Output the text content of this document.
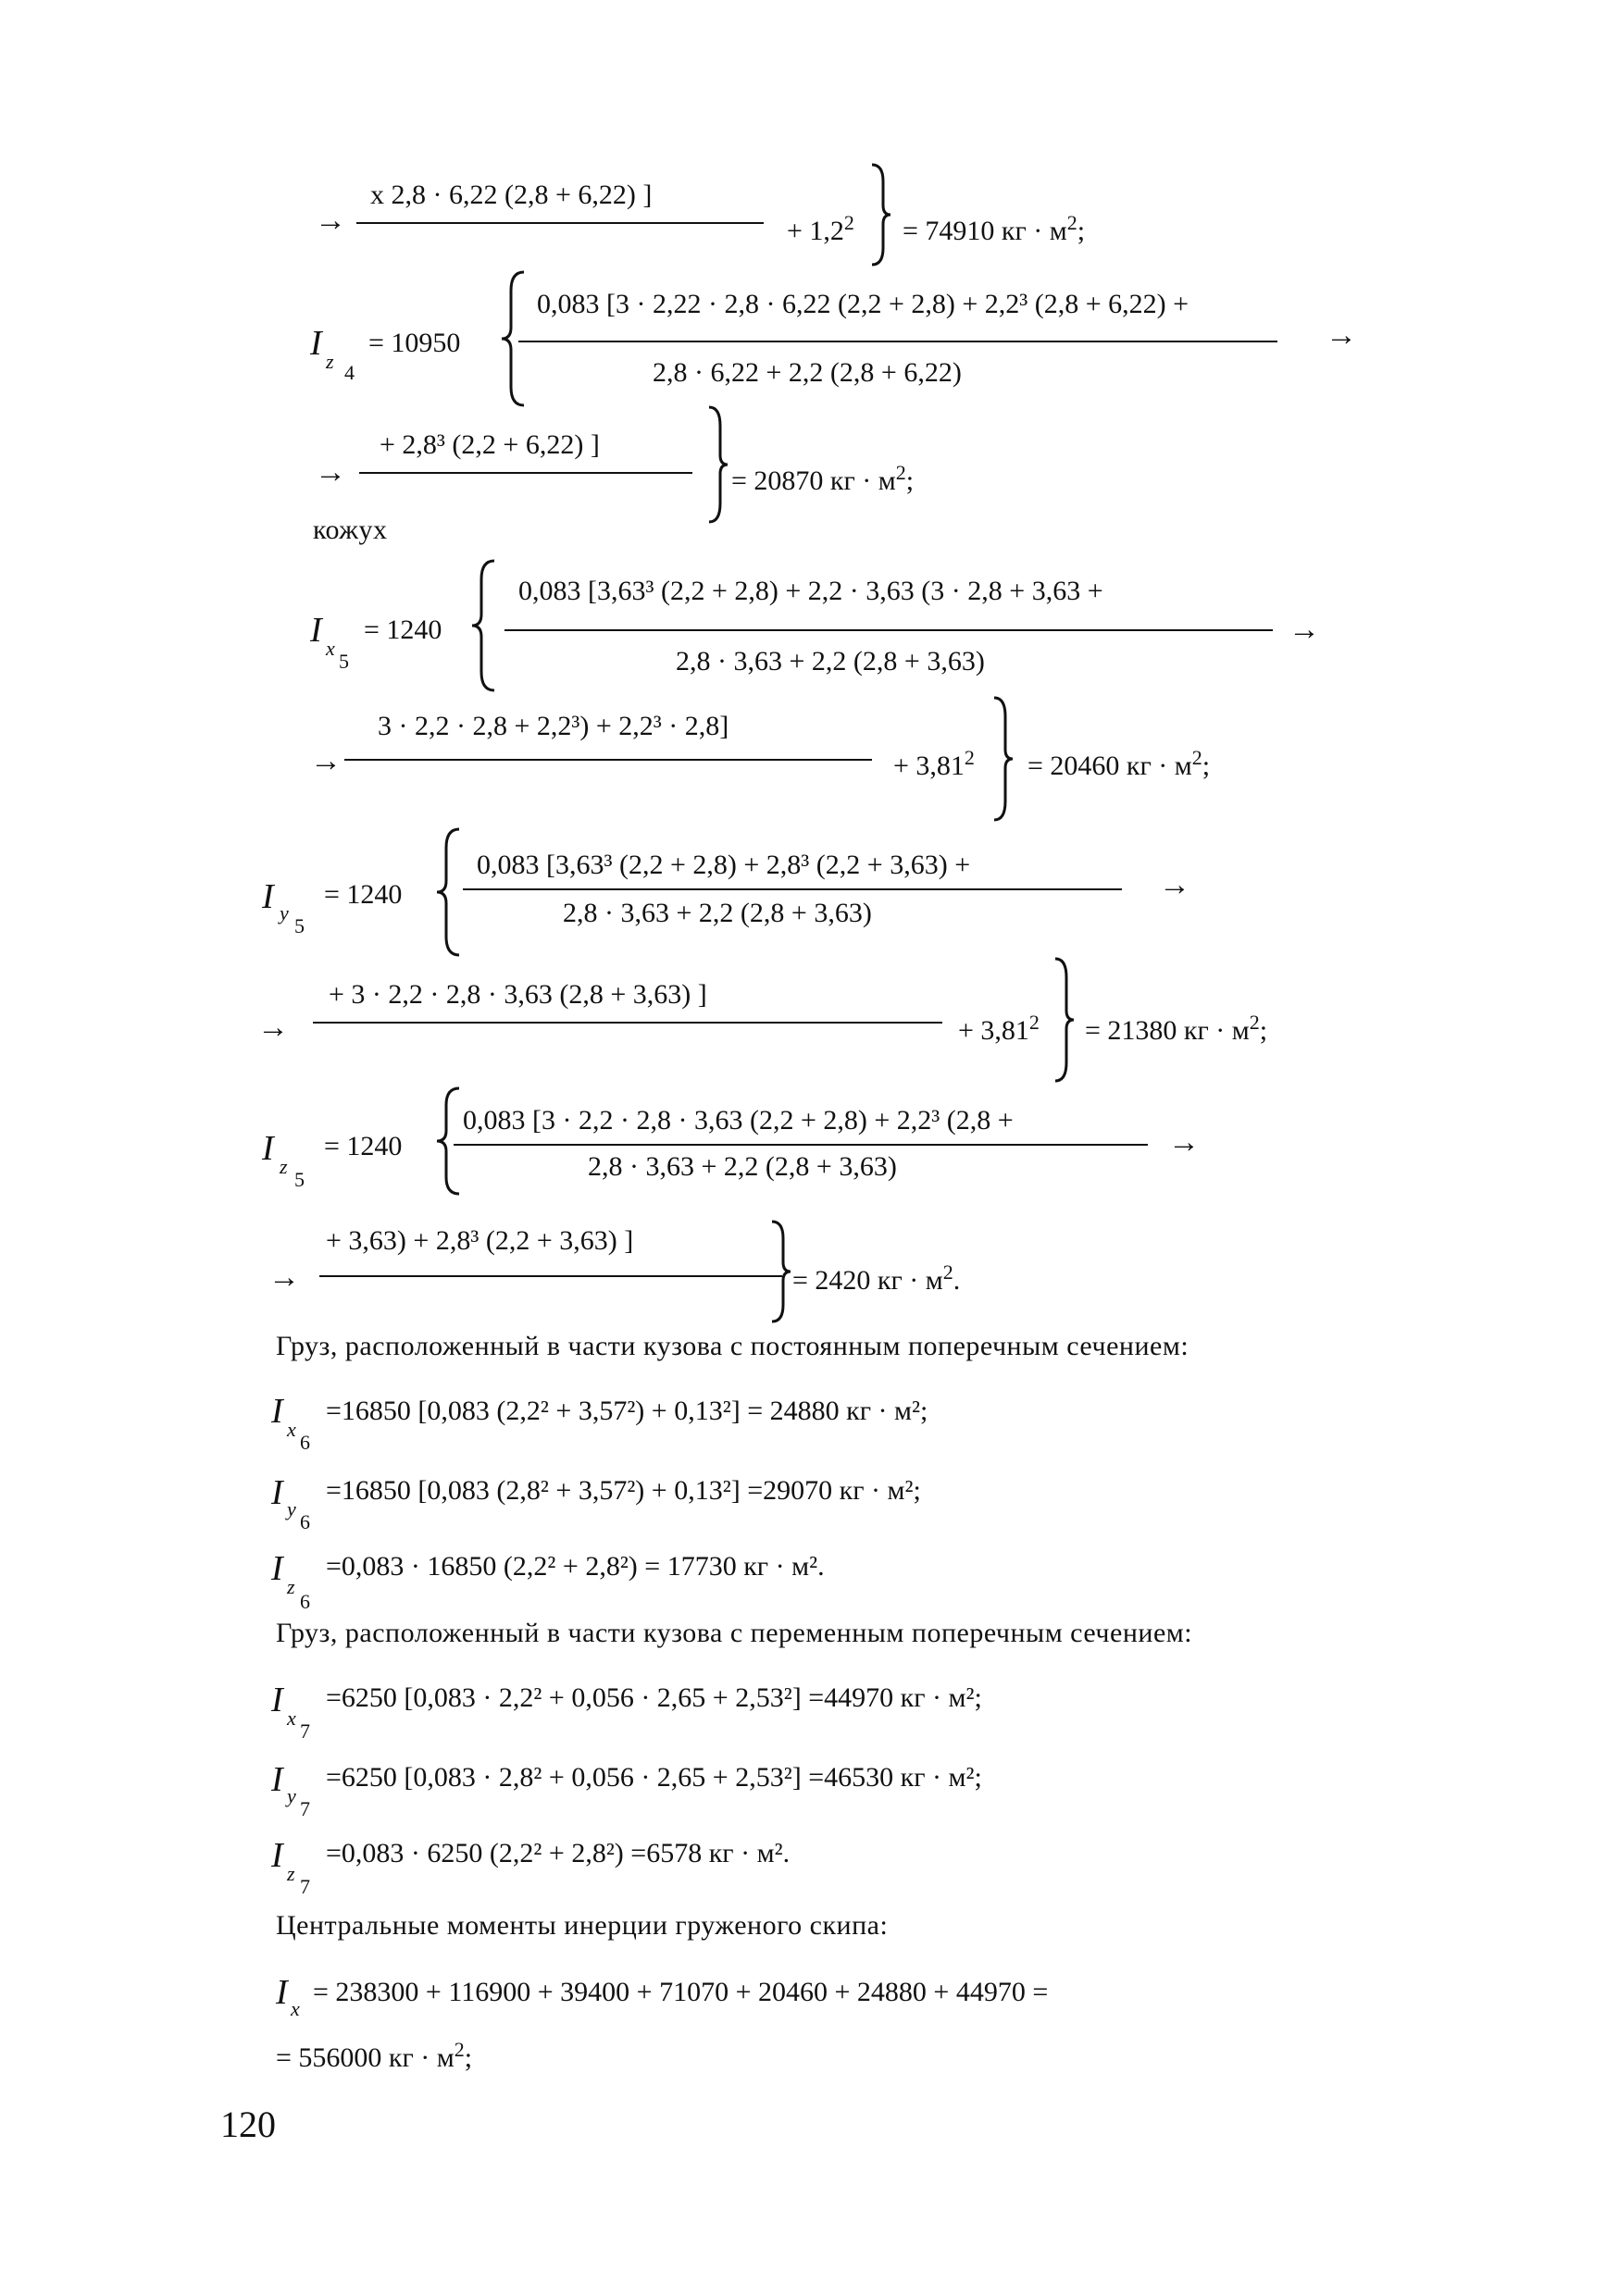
→
x 2,8 · 6,22 (2,8 + 6,22) ]
+ $1,2^2 = 74910$ кг · $м^2$;
I z 4
= 10950
0,083 [3 · 2,22 · 2,8 · 6,22 (2,2 + 2,8) + 2,2³ (2,8 + 6,22) +
2,8 · 6,22 + 2,2 (2,8 + 6,22)
→
→
+ 2,8³ (2,2 + 6,22) ]
= 20870 кг · $м^2$;
кожух
I x
5
= 1240
0,083 [3,63³ (2,2 + 2,8) + 2,2 · 3,63 (3 · 2,8 + 3,63 +
2,8 · 3,63 + 2,2 (2,8 + 3,63)
→
→
3 · 2,2 · 2,8 + 2,2³) + 2,2³ · 2,8]
+ $3,81^2 = 20460$ кг · $м^2$;
I y
5
= 1240
0,083 [3,63³ (2,2 + 2,8) + 2,8³ (2,2 + 3,63) +
2,8 · 3,63 + 2,2 (2,8 + 3,63)
→
→
+ 3 · 2,2 · 2,8 · 3,63 (2,8 + 3,63) ]
+ $3,81^2 = 21380$ кг · $м^2$;
I z
5
= 1240
0,083 [3 · 2,2 · 2,8 · 3,63 (2,2 + 2,8) + 2,2³ (2,8 +
2,8 · 3,63 + 2,2 (2,8 + 3,63)
→
→
+ 3,63) + 2,8³ (2,2 + 3,63) ]
= 2420 кг · $м^2$.
Груз, расположенный в части кузова с постоянным поперечным сечением:
I x
6
=16850 [0,083 (2,2² + 3,57²) + 0,13²] = 24880 кг · м²;
I y
6
=16850 [0,083 (2,8² + 3,57²) + 0,13²] =29070 кг · м²;
I z
6
=0,083 · 16850 (2,2² + 2,8²) = 17730 кг · м².
Груз, расположенный в части кузова с переменным поперечным сечением:
I x
7
=6250 [0,083 · 2,2² + 0,056 · 2,65 + 2,53²] =44970 кг · м²;
I y
7
=6250 [0,083 · 2,8² + 0,056 · 2,65 + 2,53²] =46530 кг · м²;
I z
7
=0,083 · 6250 (2,2² + 2,8²) =6578 кг · м².
Центральные моменты инерции груженого скипа:
I x
= 238300 + 116900 + 39400 + 71070 + 20460 + 24880 + 44970 =
= 556000 кг · $м^2$;
120
